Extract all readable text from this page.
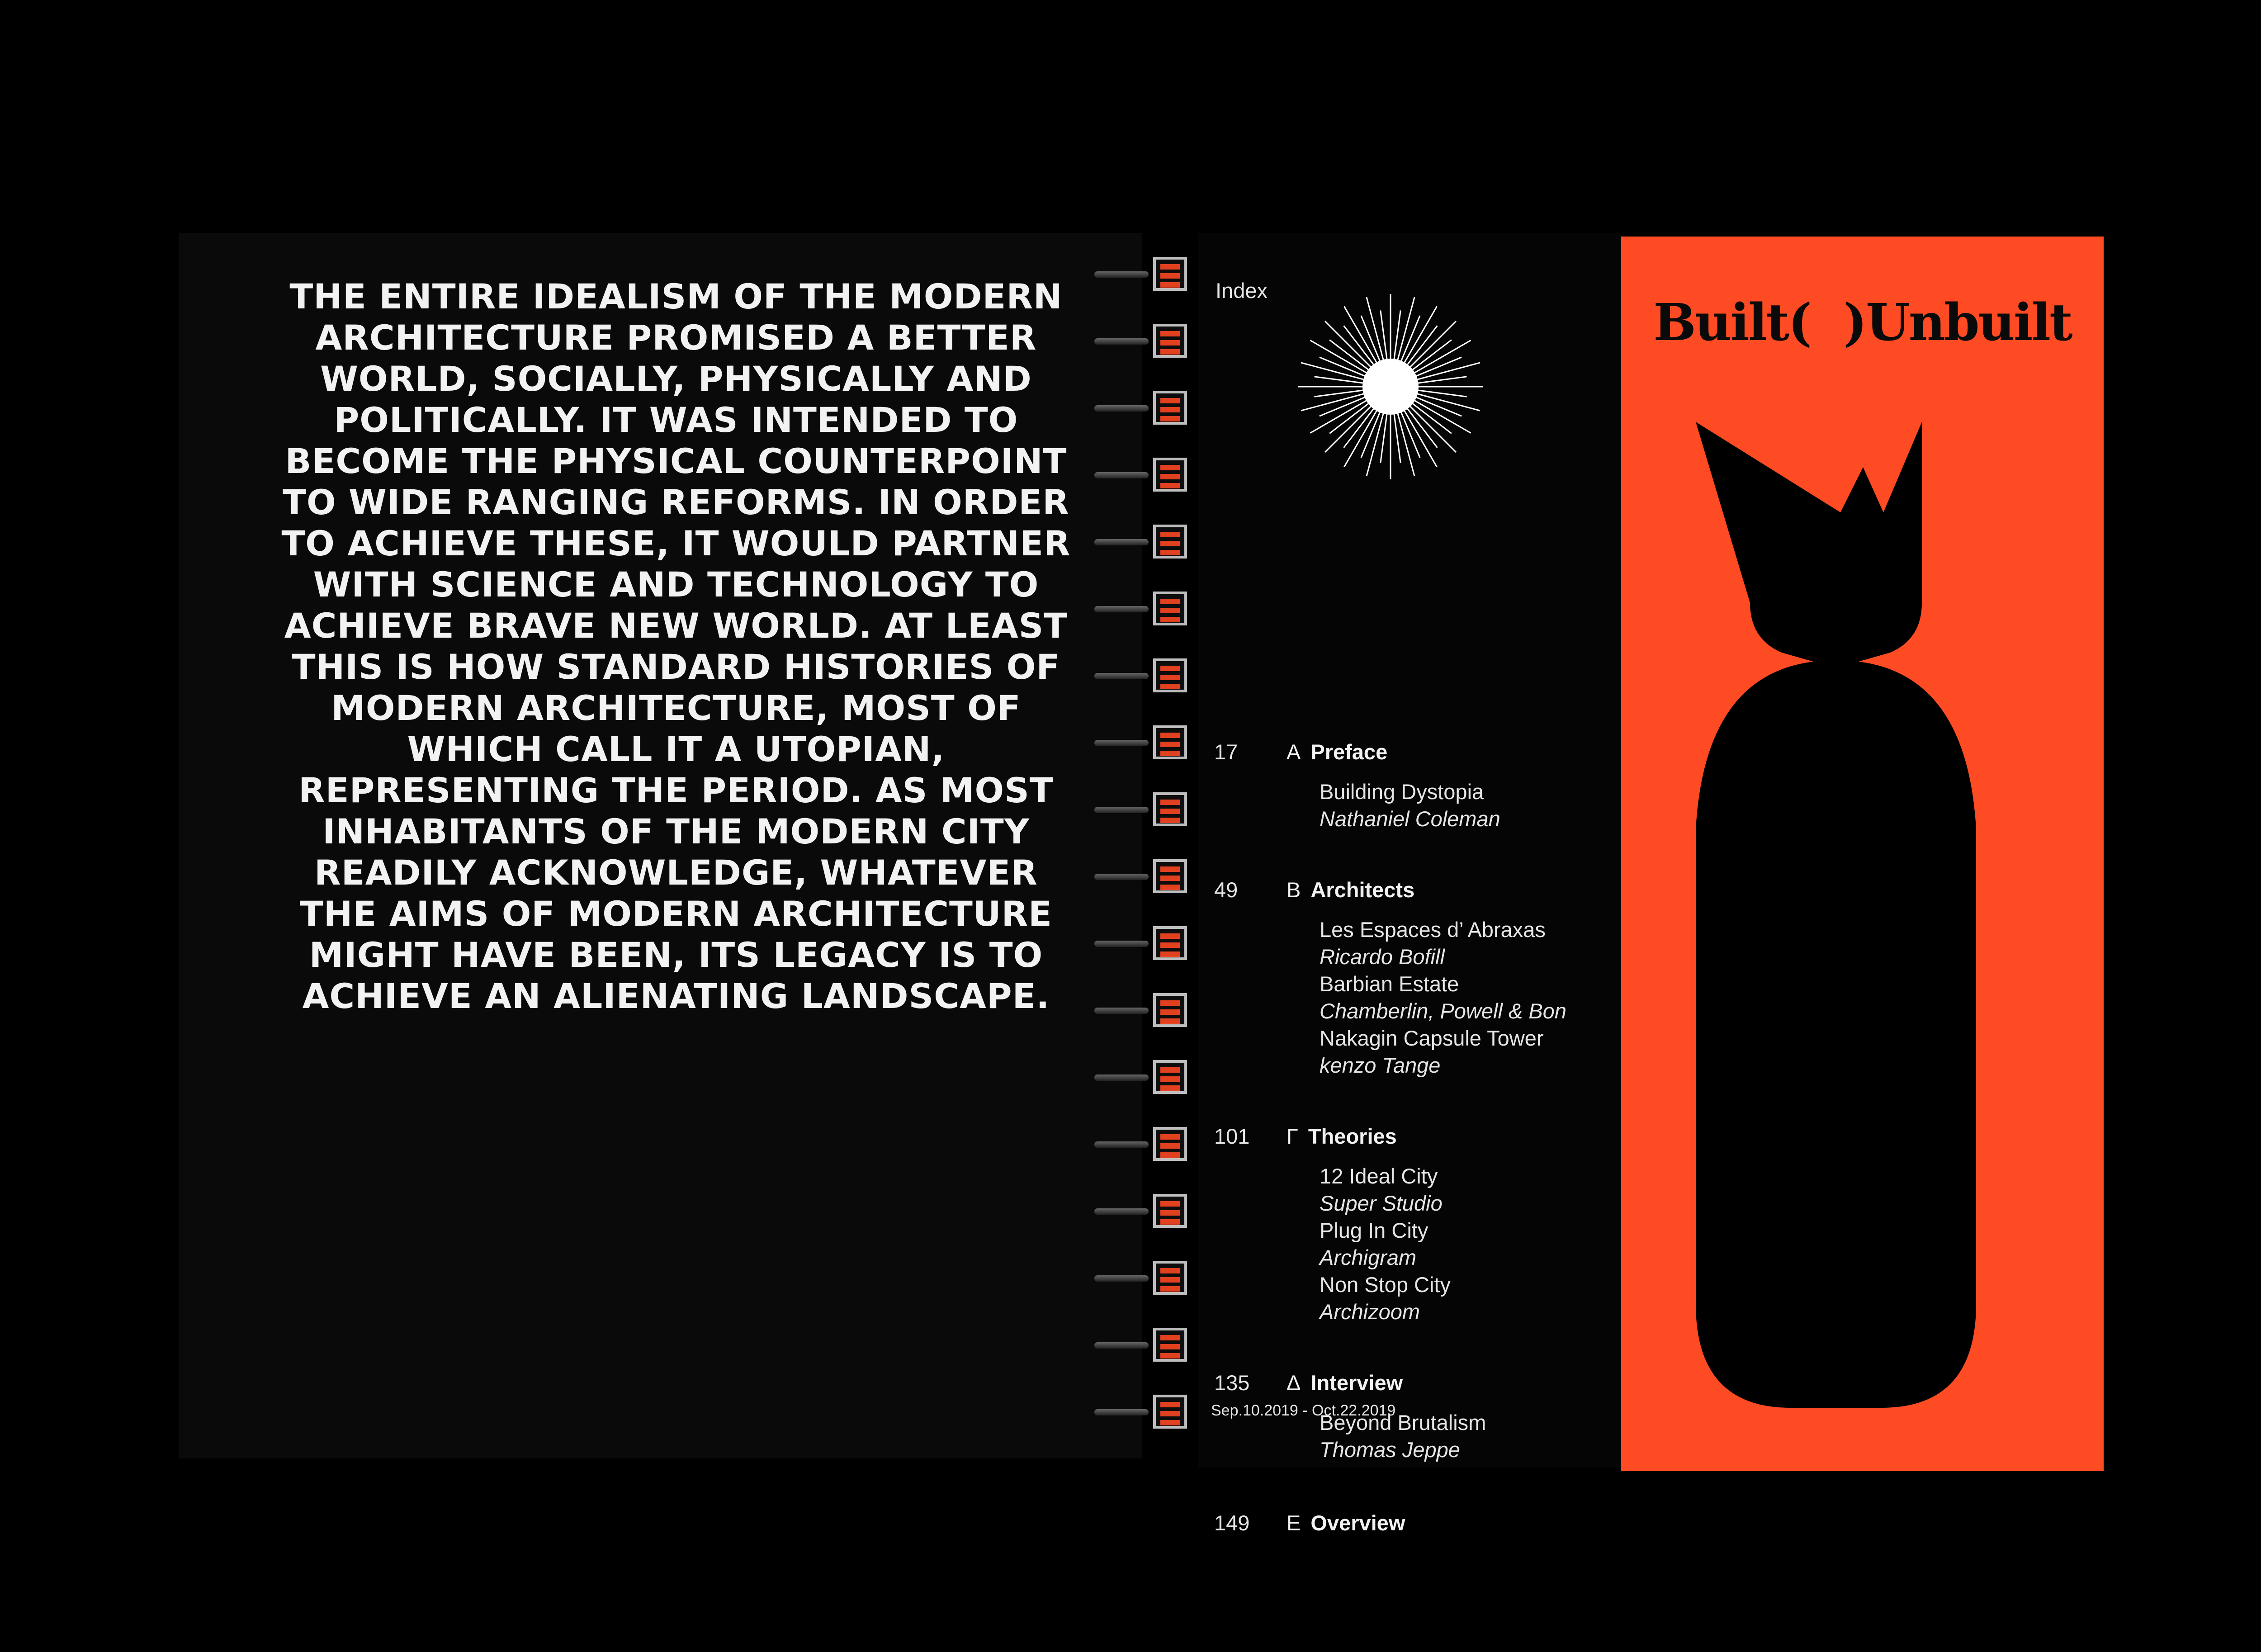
THE ENTIRE IDEALISM OF THE MODERN ARCHITECTURE PROMISED A BETTER WORLD, SOCIALLY, PHYSICALLY AND POLITICALLY. IT WAS INTENDED TO BECOME THE PHYSICAL COUNTERPOINT TO WIDE RANGING REFORMS. IN ORDER TO ACHIEVE THESE, IT WOULD PARTNER WITH SCIENCE AND TECHNOLOGY TO ACHIEVE BRAVE NEW WORLD. AT LEAST THIS IS HOW STANDARD HISTORIES OF MODERN ARCHITECTURE, MOST OF WHICH CALL IT A UTOPIAN, REPRESENTING THE PERIOD. AS MOST INHABITANTS OF THE MODERN CITY READILY ACKNOWLEDGE, WHATEVER THE AIMS OF MODERN ARCHITECTURE MIGHT HAVE BEEN, ITS LEGACY IS TO ACHIEVE AN ALIENATING LANDSCAPE.

Index
17 A Preface
Building Dystopia
Nathaniel Coleman
49 B Architects
Les Espaces d’ Abraxas
Ricardo Bofill
Barbian Estate
Chamberlin, Powell & Bon
Nakagin Capsule Tower
kenzo Tange
101 Γ Theories
12 Ideal City
Super Studio
Plug In City
Archigram
Non Stop City
Archizoom
135 Δ Interview
Beyond Brutalism
Thomas Jeppe
149 E Overview
Sep.10.2019 - Oct.22.2019
Built(  )Unbuilt
